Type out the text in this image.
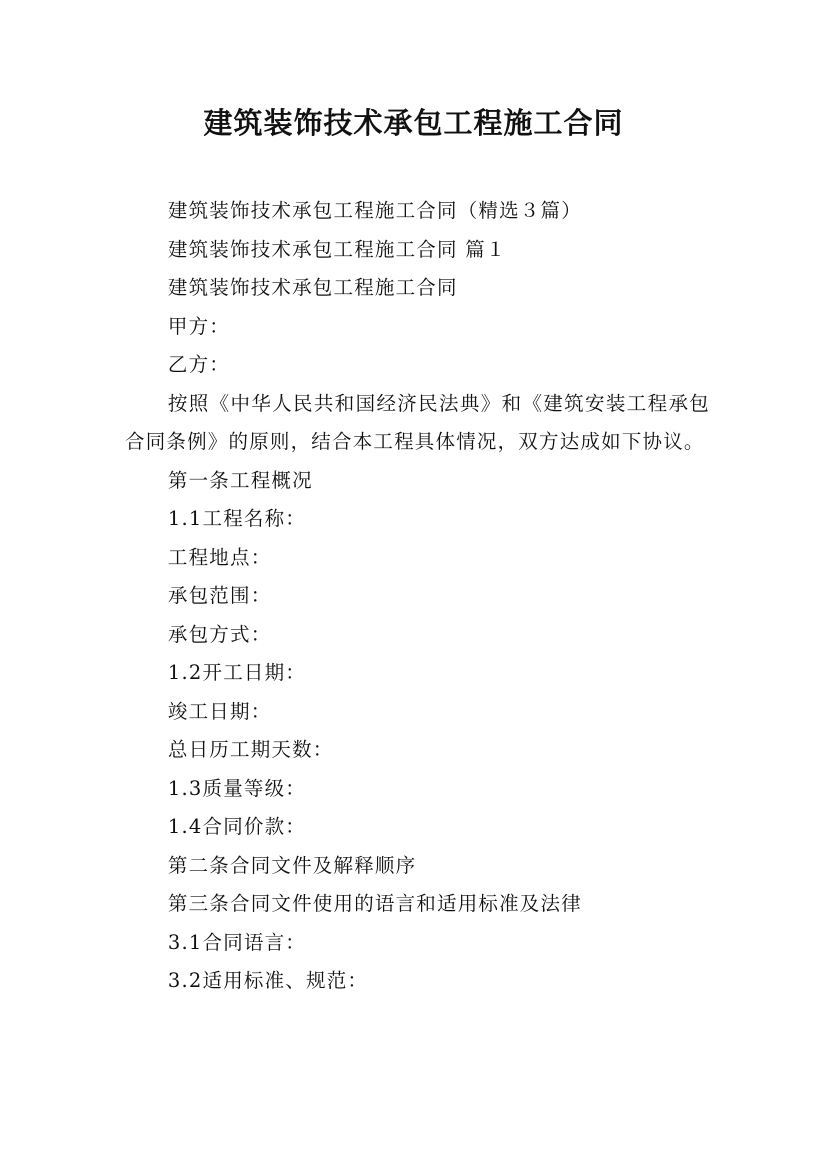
建筑装饰技术承包工程施工合同

建筑装饰技术承包工程施工合同（精选３篇）

建筑装饰技术承包工程施工合同 篇１

建筑装饰技术承包工程施工合同

甲方：

乙方：

按照《中华人民共和国经济民法典》和《建筑安装工程承包合同条例》的原则，结合本工程具体情况，双方达成如下协议。

第一条工程概况

1.1工程名称：

工程地点：

承包范围：

承包方式：

1.2开工日期：

竣工日期：

总日历工期天数：

1.3质量等级：

1.4合同价款：

第二条合同文件及解释顺序

第三条合同文件使用的语言和适用标准及法律

3.1合同语言：

3.2适用标准、规范：
